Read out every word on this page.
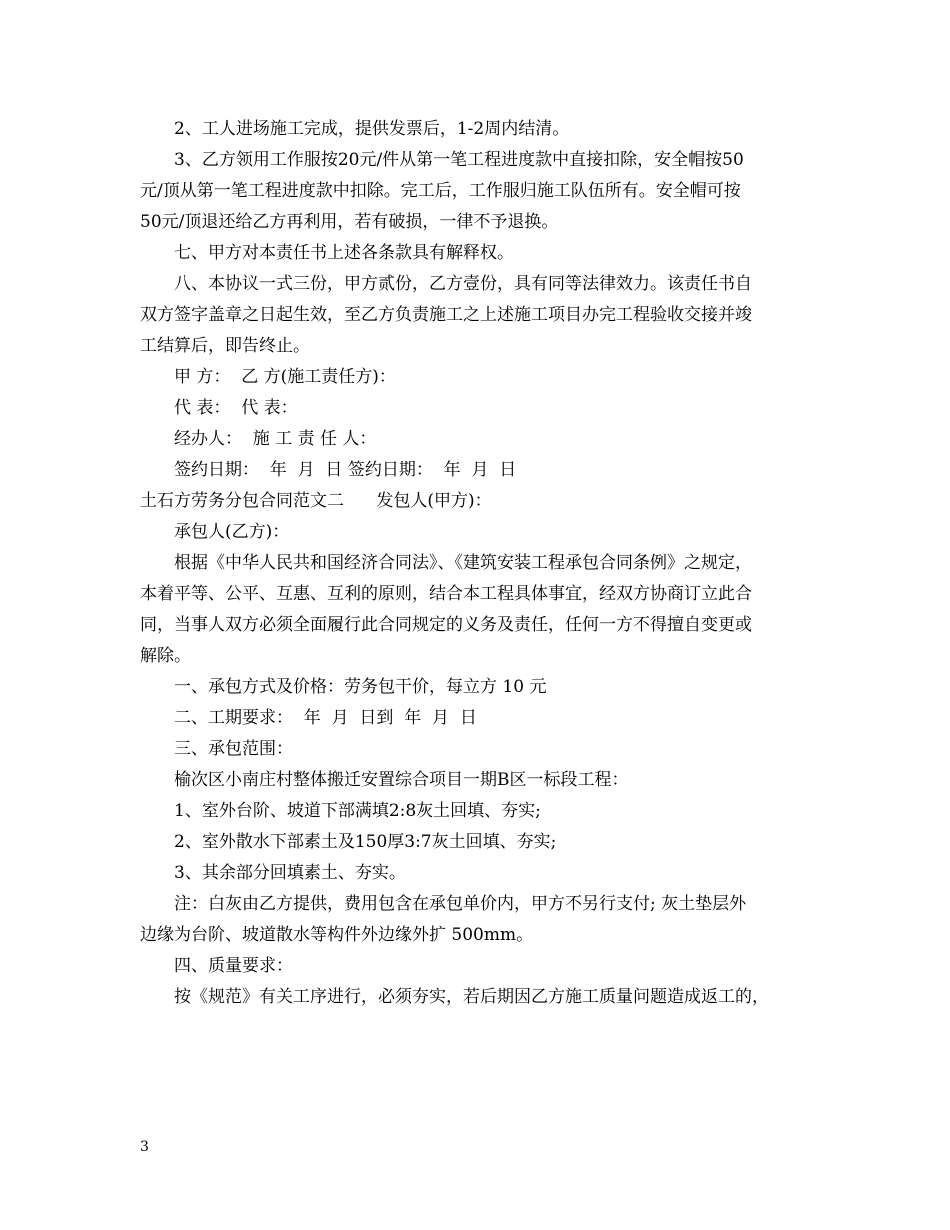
2、工人进场施工完成，提供发票后，1-2周内结清。
3、乙方领用工作服按20元/件从第一笔工程进度款中直接扣除，安全帽按50
元/顶从第一笔工程进度款中扣除。完工后，工作服归施工队伍所有。安全帽可按
50元/顶退还给乙方再利用，若有破损，一律不予退换。
七、甲方对本责任书上述各条款具有解释权。
八、本协议一式三份，甲方贰份，乙方壹份，具有同等法律效力。该责任书自
双方签字盖章之日起生效，至乙方负责施工之上述施工项目办完工程验收交接并竣
工结算后，即告终止。
甲 方：  乙 方(施工责任方)：
代 表：  代 表：
经办人：  施 工 责 任 人：
签约日期：  年  月  日 签约日期：  年  月  日
土石方劳务分包合同范文二      发包人(甲方)：
承包人(乙方)：
根据《中华人民共和国经济合同法》、《建筑安装工程承包合同条例》之规定，
本着平等、公平、互惠、互利的原则，结合本工程具体事宜，经双方协商订立此合
同，当事人双方必须全面履行此合同规定的义务及责任，任何一方不得擅自变更或
解除。
一、承包方式及价格：劳务包干价，每立方 10 元
二、工期要求：  年  月  日到  年  月  日
三、承包范围：
榆次区小南庄村整体搬迁安置综合项目一期B区一标段工程：
1、室外台阶、坡道下部满填2:8灰土回填、夯实;
2、室外散水下部素土及150厚3:7灰土回填、夯实;
3、其余部分回填素土、夯实。
注：白灰由乙方提供，费用包含在承包单价内，甲方不另行支付; 灰土垫层外
边缘为台阶、坡道散水等构件外边缘外扩 500mm。
四、质量要求：
按《规范》有关工序进行，必须夯实，若后期因乙方施工质量问题造成返工的，
3
